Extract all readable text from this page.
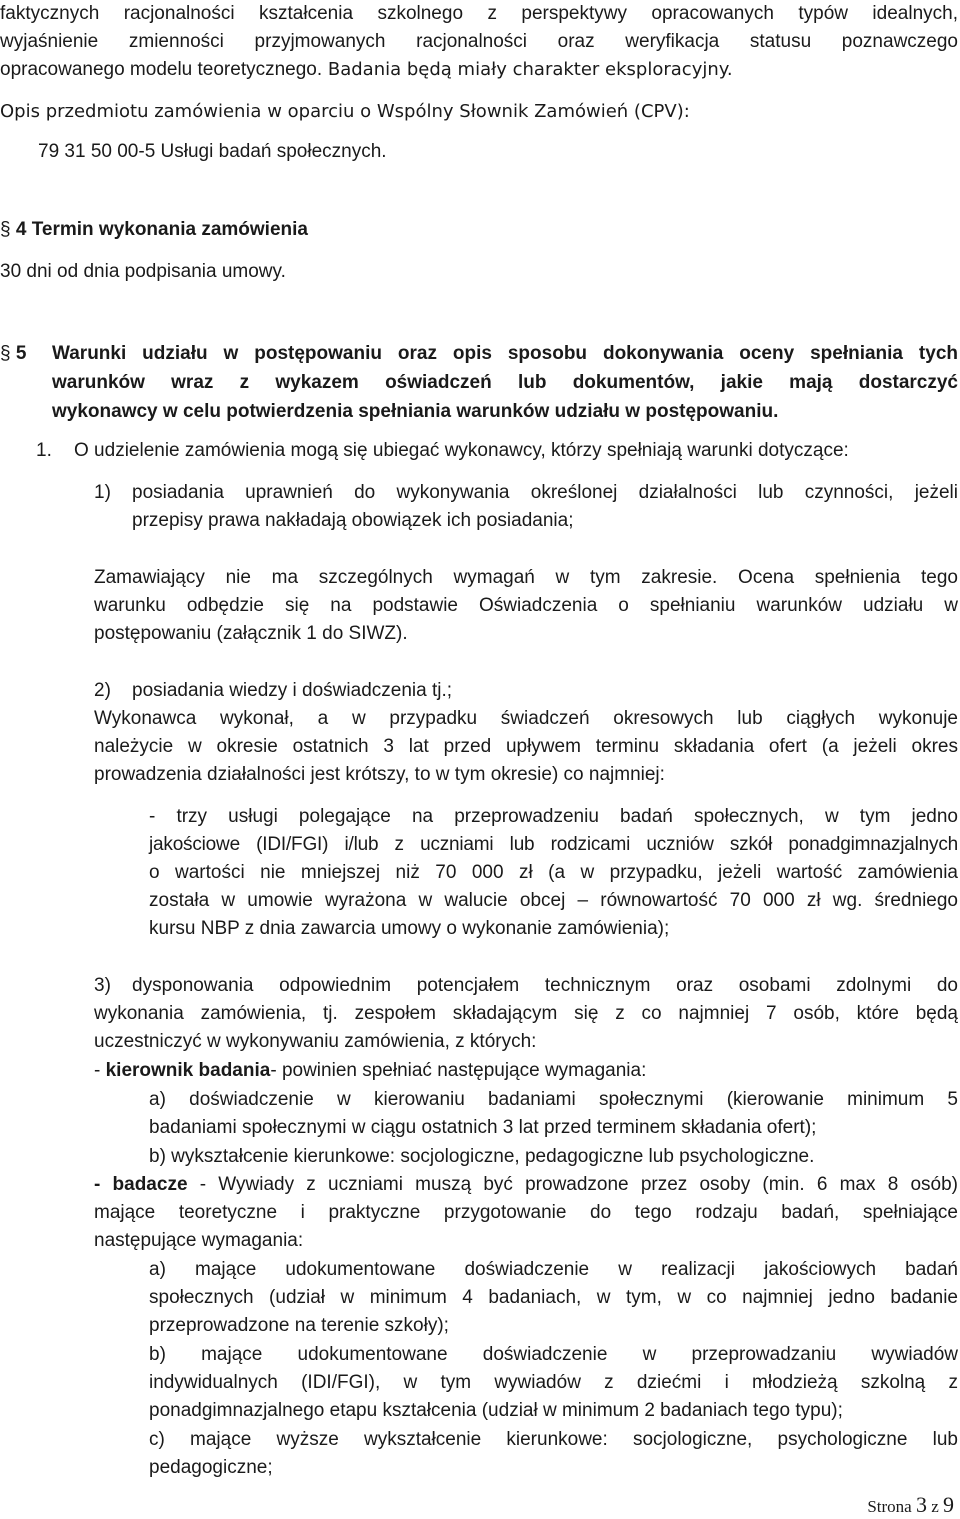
faktycznych racjonalności kształcenia szkolnego z perspektywy opracowanych typów idealnych,
wyjaśnienie zmienności przyjmowanych racjonalności oraz weryfikacja statusu poznawczego
opracowanego modelu teoretycznego. Badania będą miały charakter eksploracyjny.
Opis przedmiotu zamówienia w oparciu o Wspólny Słownik Zamówień (CPV):
79 31 50 00-5 Usługi badań społecznych.
§ 4 Termin wykonania zamówienia
30 dni od dnia podpisania umowy.
§ 5 Warunki udziału w postępowaniu oraz opis sposobu dokonywania oceny spełniania tych
warunków wraz z wykazem oświadczeń lub dokumentów, jakie mają dostarczyć
wykonawcy w celu potwierdzenia spełniania warunków udziału w postępowaniu.
1.	O udzielenie zamówienia mogą się ubiegać wykonawcy, którzy spełniają warunki dotyczące:
1)	posiadania uprawnień do wykonywania określonej działalności lub czynności, jeżeli
przepisy prawa nakładają obowiązek ich posiadania;
Zamawiający nie ma szczególnych wymagań w tym zakresie. Ocena spełnienia tego
warunku odbędzie się na podstawie Oświadczenia o spełnianiu warunków udziału w
postępowaniu (załącznik 1 do SIWZ).
2)	posiadania wiedzy i doświadczenia tj.;
Wykonawca wykonał, a w przypadku świadczeń okresowych lub ciągłych wykonuje
należycie w okresie ostatnich 3 lat przed upływem terminu składania ofert (a jeżeli okres
prowadzenia działalności jest krótszy, to w tym okresie) co najmniej:
- trzy usługi polegające na przeprowadzeniu badań społecznych, w tym jedno
jakościowe (IDI/FGI) i/lub z uczniami lub rodzicami uczniów szkół ponadgimnazjalnych
o wartości nie mniejszej niż 70 000 zł (a w przypadku, jeżeli wartość zamówienia
została w umowie wyrażona w walucie obcej – równowartość 70 000 zł wg. średniego
kursu NBP z dnia zawarcia umowy o wykonanie zamówienia);
3)	dysponowania odpowiednim potencjałem technicznym oraz osobami zdolnymi do
wykonania zamówienia, tj. zespołem składającym się z co najmniej 7 osób, które będą
uczestniczyć w wykonywaniu zamówienia, z których:
- kierownik badania- powinien spełniać następujące wymagania:
a) doświadczenie w kierowaniu badaniami społecznymi (kierowanie minimum 5
badaniami społecznymi w ciągu ostatnich 3 lat przed terminem składania ofert);
b) wykształcenie kierunkowe: socjologiczne, pedagogiczne lub psychologiczne.
- badacze - Wywiady z uczniami muszą być prowadzone przez osoby (min. 6 max 8 osób)
mające teoretyczne i praktyczne przygotowanie do tego rodzaju badań, spełniające
następujące wymagania:
a) mające udokumentowane doświadczenie w realizacji jakościowych badań
społecznych (udział w minimum 4 badaniach, w tym, w co najmniej jedno badanie
przeprowadzone na terenie szkoły);
b) mające udokumentowane doświadczenie w przeprowadzaniu wywiadów
indywidualnych (IDI/FGI), w tym wywiadów z dziećmi i młodzieżą szkolną z
ponadgimnazjalnego etapu kształcenia (udział w minimum 2 badaniach tego typu);
c) mające wyższe wykształcenie kierunkowe: socjologiczne, psychologiczne lub
pedagogiczne;
Strona 3 z 9
